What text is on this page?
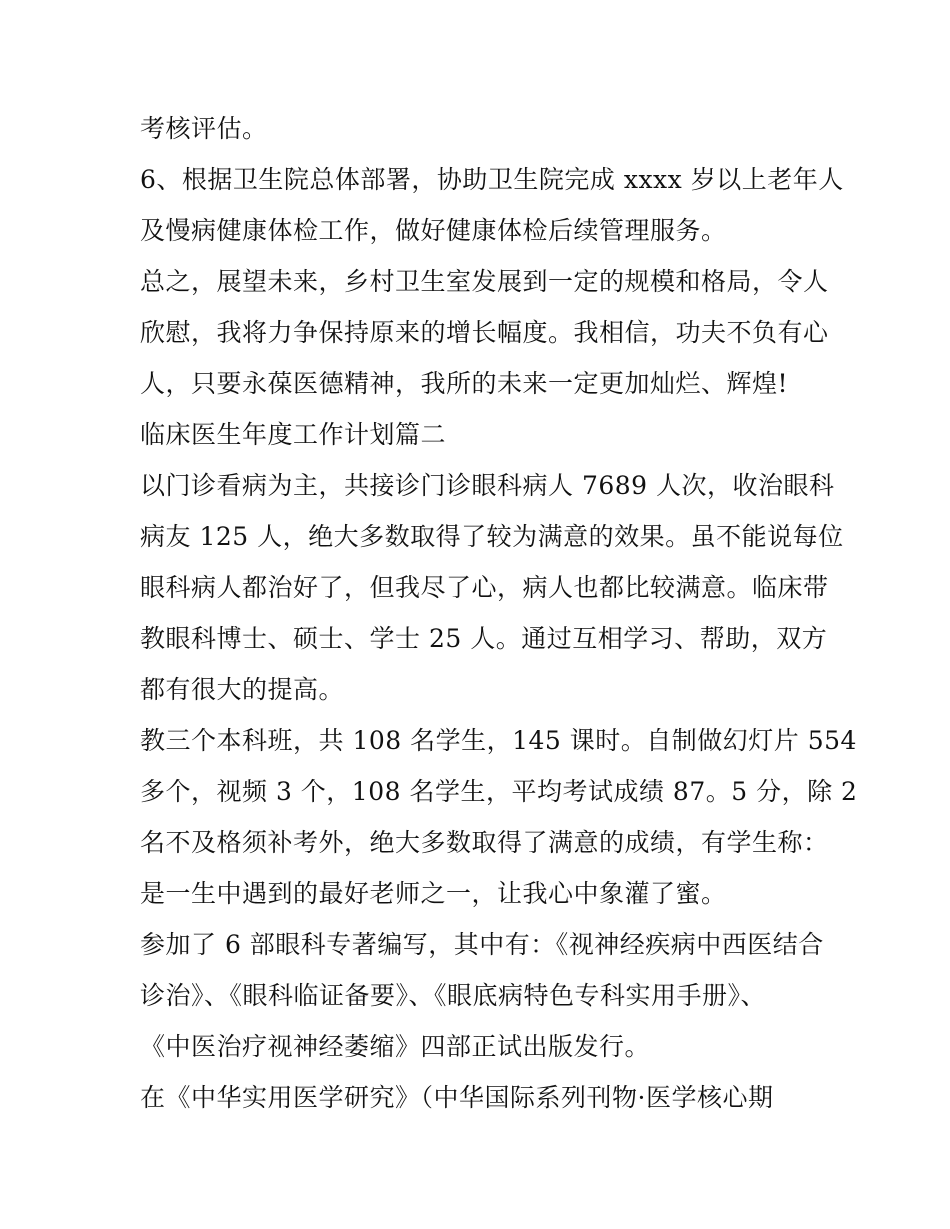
考核评估。
6、根据卫生院总体部署，协助卫生院完成 xxxx 岁以上老年人
及慢病健康体检工作，做好健康体检后续管理服务。
总之，展望未来，乡村卫生室发展到一定的规模和格局，令人
欣慰，我将力争保持原来的增长幅度。我相信，功夫不负有心
人，只要永葆医德精神，我所的未来一定更加灿烂、辉煌!
临床医生年度工作计划篇二
以门诊看病为主，共接诊门诊眼科病人 7689 人次，收治眼科
病友 125 人，绝大多数取得了较为满意的效果。虽不能说每位
眼科病人都治好了，但我尽了心，病人也都比较满意。临床带
教眼科博士、硕士、学士 25 人。通过互相学习、帮助，双方
都有很大的提高。
教三个本科班，共 108 名学生，145 课时。自制做幻灯片 554
多个，视频 3 个，108 名学生，平均考试成绩 87。5 分，除 2
名不及格须补考外，绝大多数取得了满意的成绩，有学生称：
是一生中遇到的最好老师之一，让我心中象灌了蜜。
参加了 6 部眼科专著编写，其中有：《视神经疾病中西医结合
诊治》、《眼科临证备要》、《眼底病特色专科实用手册》、
《中医治疗视神经萎缩》四部正试出版发行。
在《中华实用医学研究》（中华国际系列刊物·医学核心期
